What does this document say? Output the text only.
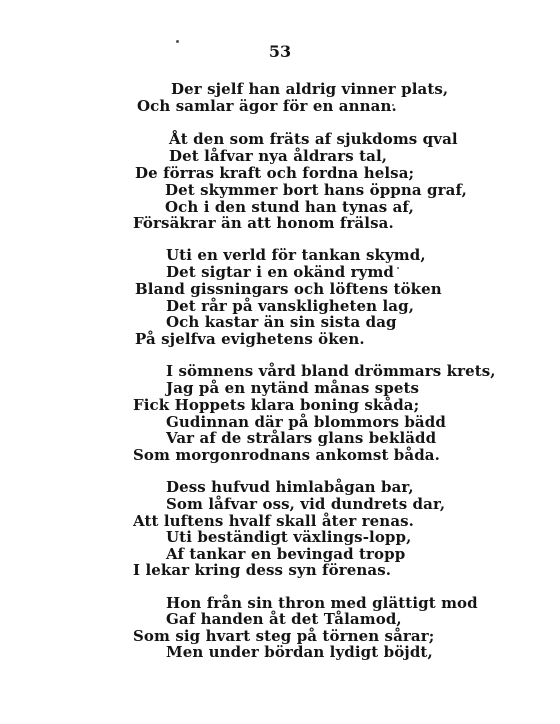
53
Der sjelf han aldrig vinner plats,
Och samlar ägor för en annan.
Åt den som fräts af sjukdoms qval
Det låfvar nya åldrars tal,
De förras kraft och fordna helsa;
Det skymmer bort hans öppna graf,
Och i den stund han tynas af,
Försäkrar än att honom frälsa.
Uti en verld för tankan skymd,
Det sigtar i en okänd rymd
Bland gissningars och löftens töken
Det rår på vanskligheten lag,
Och kastar än sin sista dag
På sjelfva evighetens öken.
I sömnens vård bland drömmars krets,
Jag på en nytänd månas spets
Fick Hoppets klara boning skåda;
Gudinnan där på blommors bädd
Var af de strålars glans beklädd
Som morgonrodnans ankomst båda.
Dess hufvud himlabågan bar,
Som låfvar oss, vid dundrets dar,
Att luftens hvalf skall åter renas.
Uti beständigt växlings-lopp,
Af tankar en bevingad tropp
I lekar kring dess syn förenas.
Hon från sin thron med glättigt mod
Gaf handen åt det Tålamod,
Som sig hvart steg på törnen sårar;
Men under bördan lydigt böjdt,
